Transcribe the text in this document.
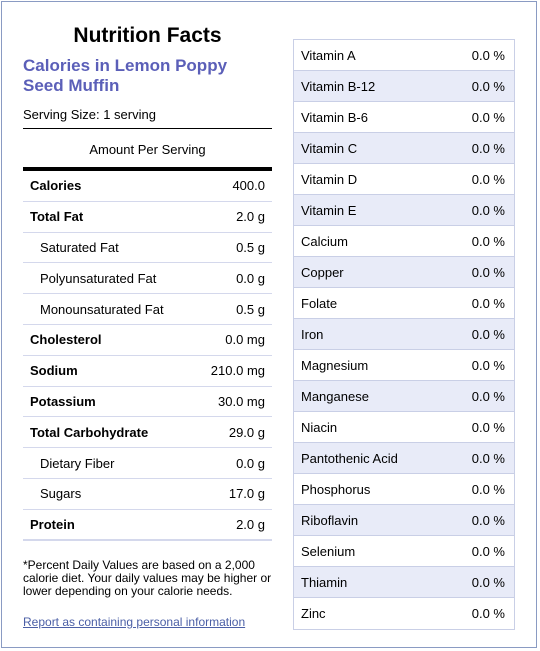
Nutrition Facts
Calories in Lemon Poppy Seed Muffin
Serving Size: 1 serving
Amount Per Serving
Calories	400.0
Total Fat	2.0 g
Saturated Fat	0.5 g
Polyunsaturated Fat	0.0 g
Monounsaturated Fat	0.5 g
Cholesterol	0.0 mg
Sodium	210.0 mg
Potassium	30.0 mg
Total Carbohydrate	29.0 g
Dietary Fiber	0.0 g
Sugars	17.0 g
Protein	2.0 g
*Percent Daily Values are based on a 2,000 calorie diet. Your daily values may be higher or lower depending on your calorie needs.
Report as containing personal information
Vitamin A	0.0 %
Vitamin B-12	0.0 %
Vitamin B-6	0.0 %
Vitamin C	0.0 %
Vitamin D	0.0 %
Vitamin E	0.0 %
Calcium	0.0 %
Copper	0.0 %
Folate	0.0 %
Iron	0.0 %
Magnesium	0.0 %
Manganese	0.0 %
Niacin	0.0 %
Pantothenic Acid	0.0 %
Phosphorus	0.0 %
Riboflavin	0.0 %
Selenium	0.0 %
Thiamin	0.0 %
Zinc	0.0 %
